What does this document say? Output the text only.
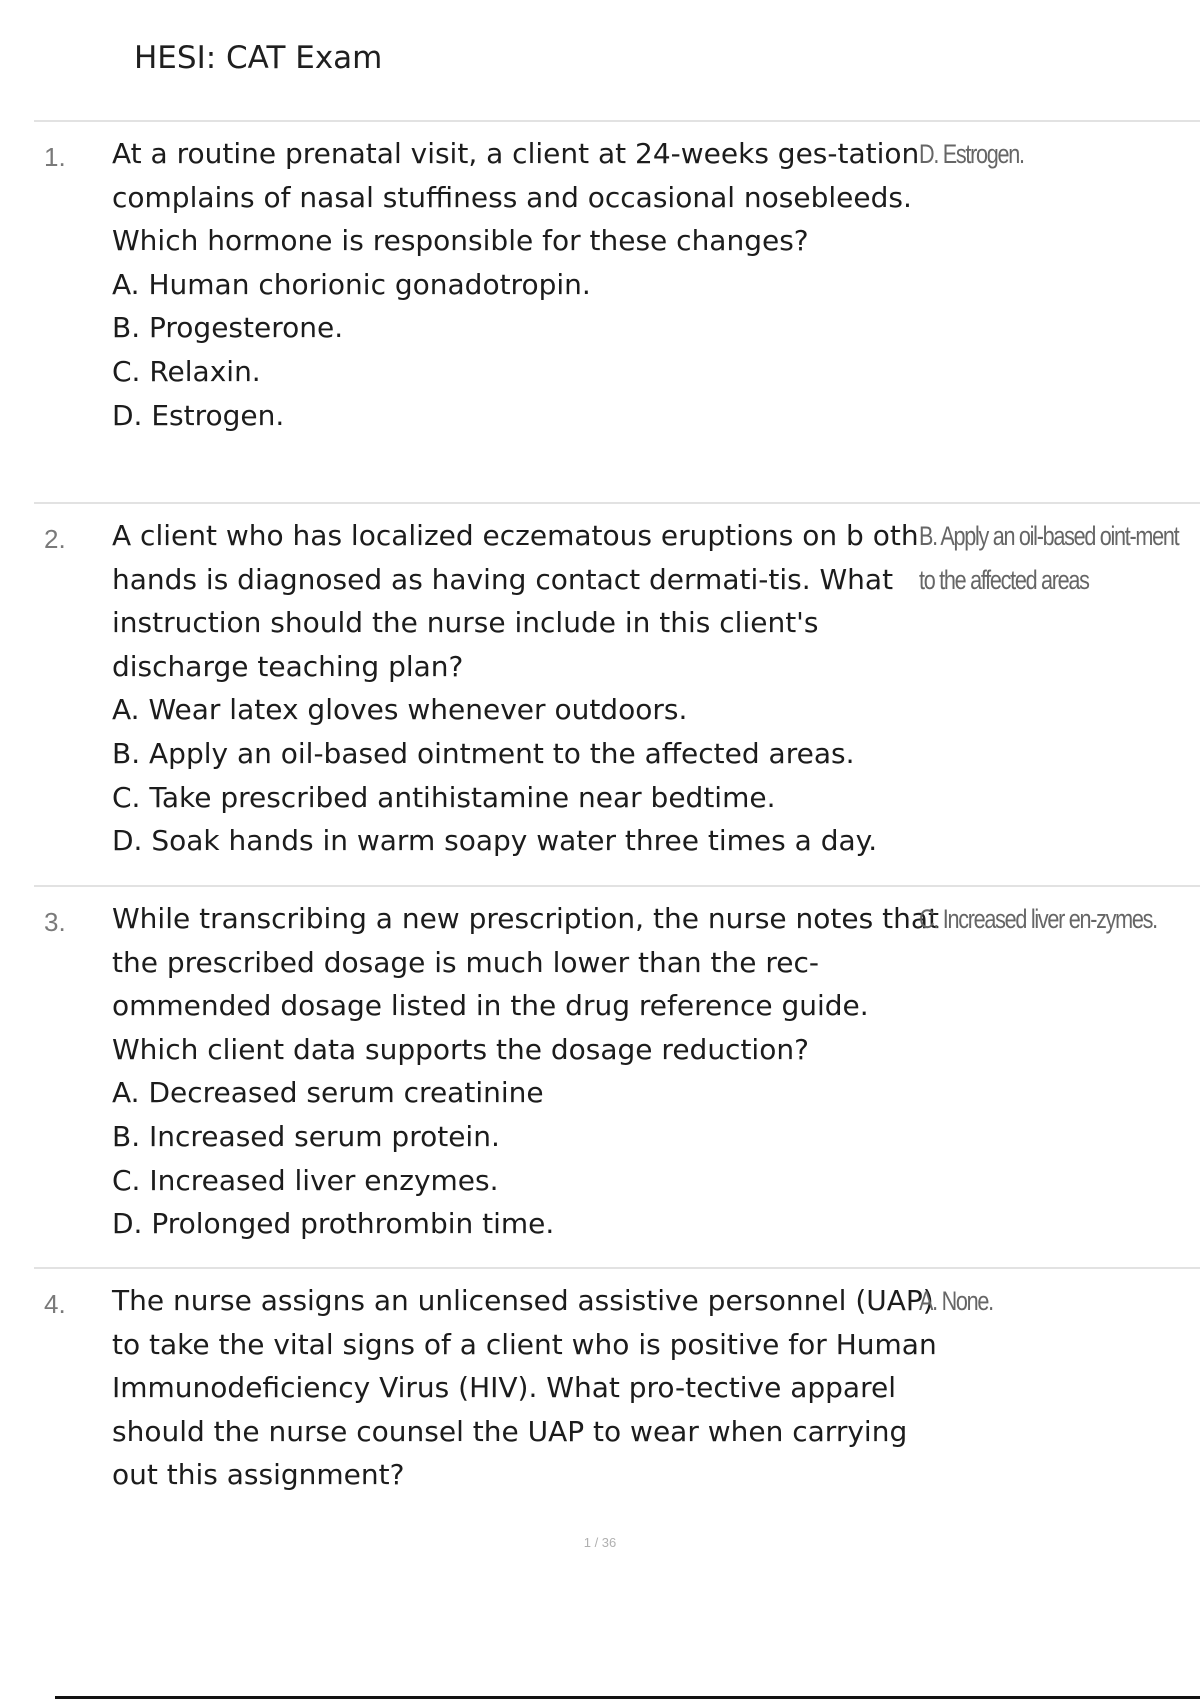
HESI: CAT Exam
1. At a routine prenatal visit, a client at 24-weeks ges-tation complains of nasal stuffiness and occasional nosebleeds. Which hormone is responsible for these changes?

A. Human chorionic gonadotropin.

B. Progesterone.

C. Relaxin.

D. Estrogen.

D. Estrogen.
2. A client who has localized eczematous eruptions on b oth hands is diagnosed as having contact dermati-tis. What instruction should the nurse include in this client's discharge teaching plan?

A. Wear latex gloves whenever outdoors.

B. Apply an oil-based ointment to the affected areas.

C. Take prescribed antihistamine near bedtime.

D. Soak hands in warm soapy water three times a day.

B. Apply an oil-based oint-ment to the affected areas
3. While transcribing a new prescription, the nurse notes that the prescribed dosage is much lower than the rec-ommended dosage listed in the drug reference guide. Which client data supports the dosage reduction?

A. Decreased serum creatinine

B. Increased serum protein.

C. Increased liver enzymes.

D. Prolonged prothrombin time.

C. Increased liver en-zymes.
4. The nurse assigns an unlicensed assistive personnel (UAP) to take the vital signs of a client who is positive for Human Immunodeficiency Virus (HIV). What pro-tective apparel should the nurse counsel the UAP to wear when carrying out this assignment?

A. None.
1 / 36
